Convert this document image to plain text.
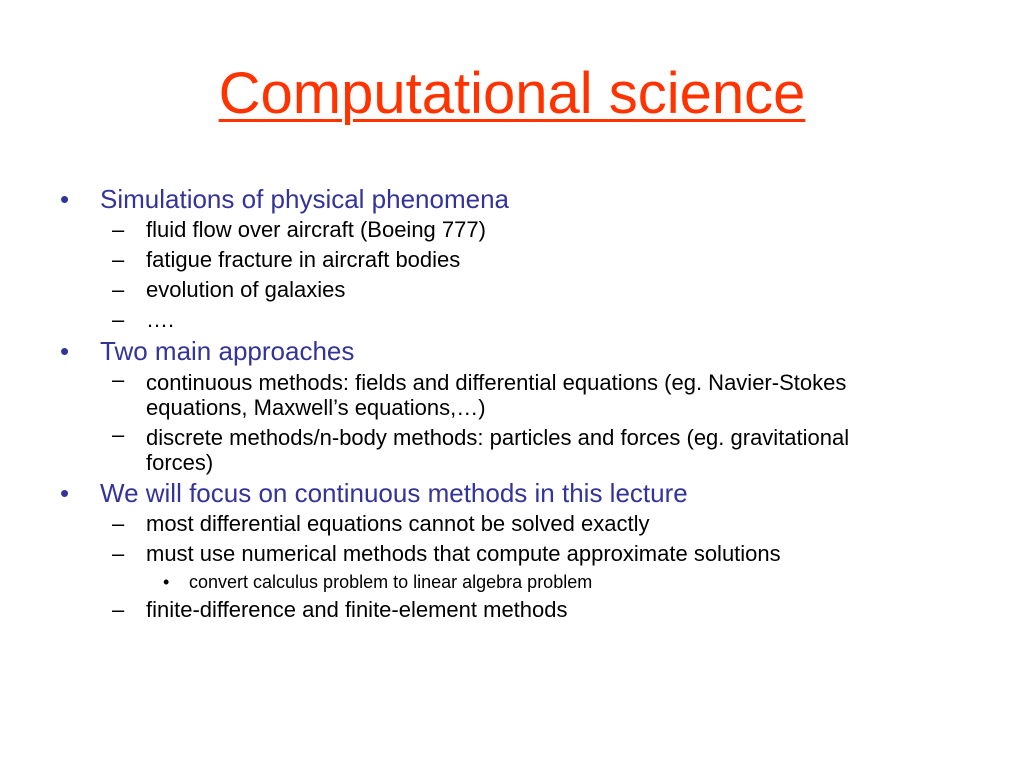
Computational science
• Simulations of physical phenomena
– fluid flow over aircraft (Boeing 777)
– fatigue fracture in aircraft bodies
– evolution of galaxies
– ….
• Two main approaches
– continuous methods: fields and differential equations (eg. Navier-Stokes
equations, Maxwell’s equations,…)
– discrete methods/n-body methods: particles and forces (eg. gravitational
forces)
• We will focus on continuous methods in this lecture
– most differential equations cannot be solved exactly
– must use numerical methods that compute approximate solutions
• convert calculus problem to linear algebra problem
– finite-difference and finite-element methods
